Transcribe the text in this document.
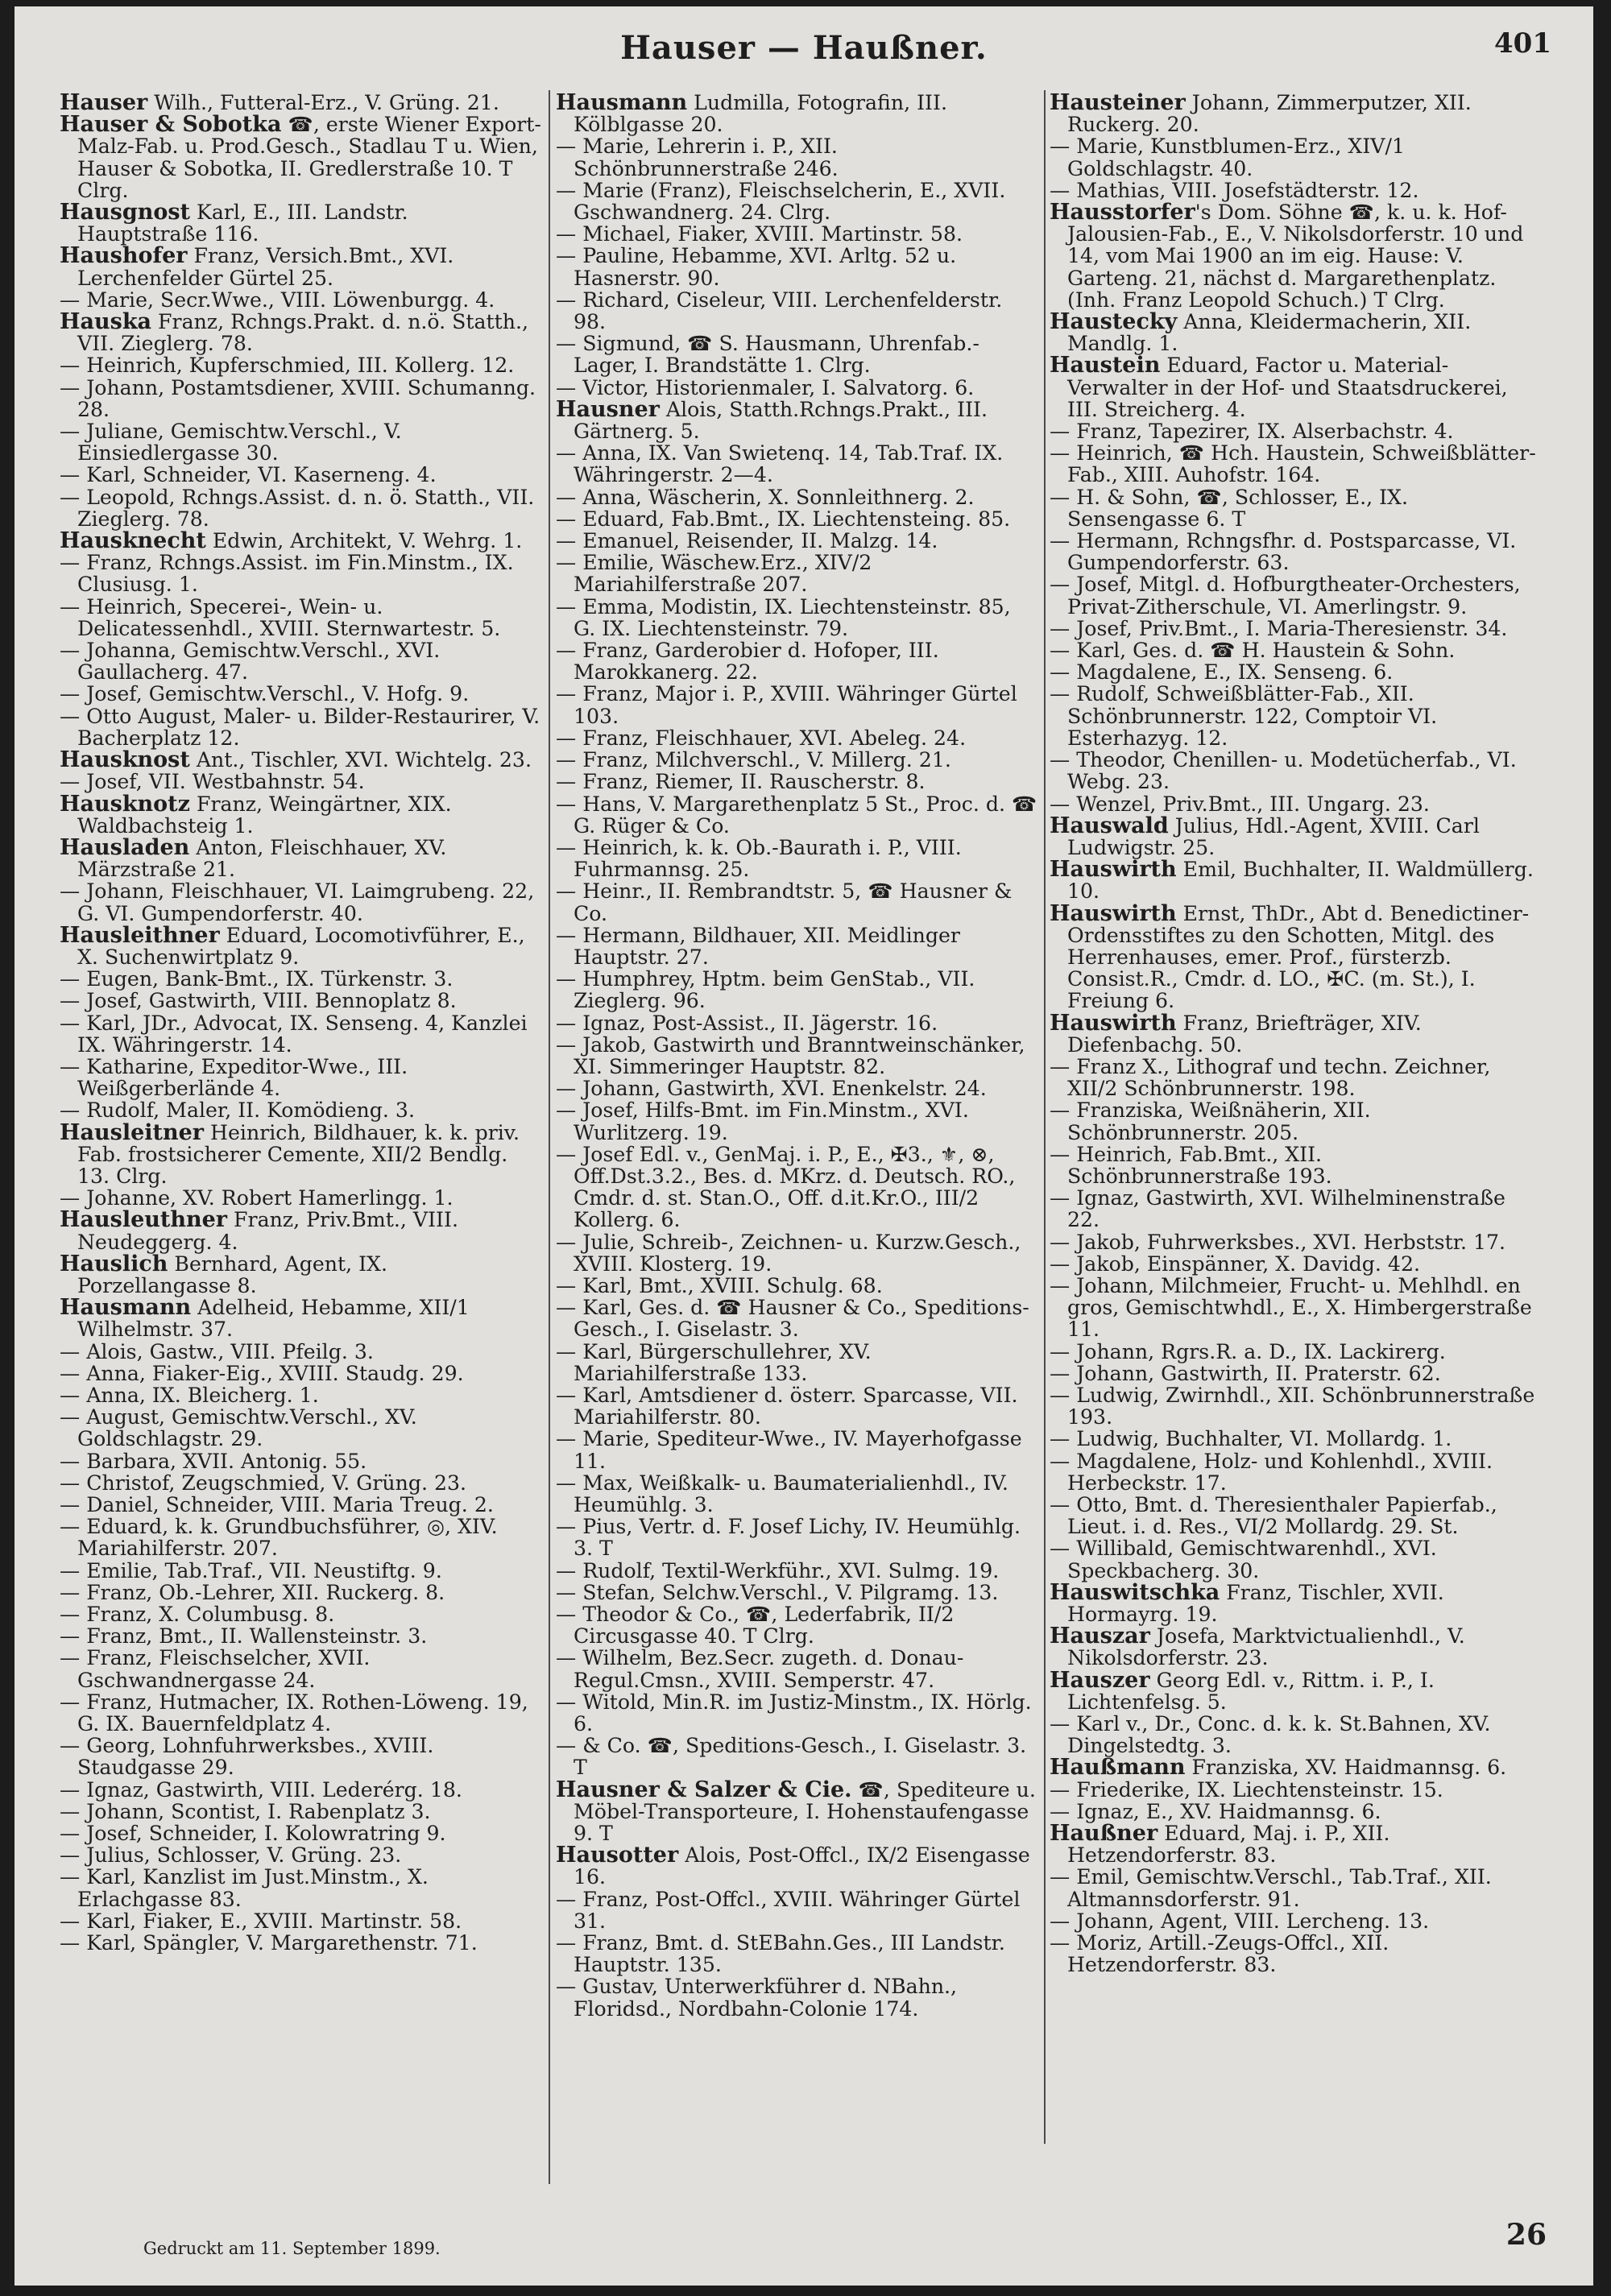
Hauser — Haußner.	401
Hauser Wilh., Futteral-Erz., V. Grüng. 21.
Hauser & Sobotka ☎, erste Wiener Export-Malz-Fab. u. Prod.Gesch., Stadlau T u. Wien, Hauser & Sobotka, II. Gredlerstraße 10. T Clrg.
Hausgnost Karl, E., III. Landstr. Hauptstraße 116.
Haushofer Franz, Versich.Bmt., XVI. Lerchenfelder Gürtel 25.
— Marie, Secr.Wwe., VIII. Löwenburgg. 4.
Hauska Franz, Rchngs.Prakt. d. n.ö. Statth., VII. Zieglerg. 78.
— Heinrich, Kupferschmied, III. Kollerg. 12.
— Johann, Postamtsdiener, XVIII. Schumanng. 28.
— Juliane, Gemischtw.Verschl., V. Einsiedlergasse 30.
— Karl, Schneider, VI. Kaserneng. 4.
— Leopold, Rchngs.Assist. d. n. ö. Statth., VII. Zieglerg. 78.
Hausknecht Edwin, Architekt, V. Wehrg. 1.
— Franz, Rchngs.Assist. im Fin.Minstm., IX. Clusiusg. 1.
— Heinrich, Specerei-, Wein- u. Delicatessenhdl., XVIII. Sternwartestr. 5.
— Johanna, Gemischtw.Verschl., XVI. Gaullacherg. 47.
— Josef, Gemischtw.Verschl., V. Hofg. 9.
— Otto August, Maler- u. Bilder-Restaurirer, V. Bacherplatz 12.
Hausknost Ant., Tischler, XVI. Wichtelg. 23.
— Josef, VII. Westbahnstr. 54.
Hausknotz Franz, Weingärtner, XIX. Waldbachsteig 1.
Hausladen Anton, Fleischhauer, XV. Märzstraße 21.
— Johann, Fleischhauer, VI. Laimgrubeng. 22, G. VI. Gumpendorferstr. 40.
Hausleithner Eduard, Locomotivführer, E., X. Suchenwirtplatz 9.
— Eugen, Bank-Bmt., IX. Türkenstr. 3.
— Josef, Gastwirth, VIII. Bennoplatz 8.
— Karl, JDr., Advocat, IX. Senseng. 4, Kanzlei IX. Währingerstr. 14.
— Katharine, Expeditor-Wwe., III. Weißgerberlände 4.
— Rudolf, Maler, II. Komödieng. 3.
Hausleitner Heinrich, Bildhauer, k. k. priv. Fab. frostsicherer Cemente, XII/2 Bendlg. 13. Clrg.
— Johanne, XV. Robert Hamerlingg. 1.
Hausleuthner Franz, Priv.Bmt., VIII. Neudeggerg. 4.
Hauslich Bernhard, Agent, IX. Porzellangasse 8.
Hausmann Adelheid, Hebamme, XII/1 Wilhelmstr. 37.
— Alois, Gastw., VIII. Pfeilg. 3.
— Anna, Fiaker-Eig., XVIII. Staudg. 29.
— Anna, IX. Bleicherg. 1.
— August, Gemischtw.Verschl., XV. Goldschlagstr. 29.
— Barbara, XVII. Antonig. 55.
— Christof, Zeugschmied, V. Grüng. 23.
— Daniel, Schneider, VIII. Maria Treug. 2.
— Eduard, k. k. Grundbuchsführer, ◎, XIV. Mariahilferstr. 207.
— Emilie, Tab.Traf., VII. Neustiftg. 9.
— Franz, Ob.-Lehrer, XII. Ruckerg. 8.
— Franz, X. Columbusg. 8.
— Franz, Bmt., II. Wallensteinstr. 3.
— Franz, Fleischselcher, XVII. Gschwandnergasse 24.
— Franz, Hutmacher, IX. Rothen-Löweng. 19, G. IX. Bauernfeldplatz 4.
— Georg, Lohnfuhrwerksbes., XVIII. Staudgasse 29.
— Ignaz, Gastwirth, VIII. Lederérg. 18.
— Johann, Scontist, I. Rabenplatz 3.
— Josef, Schneider, I. Kolowratring 9.
— Julius, Schlosser, V. Grüng. 23.
— Karl, Kanzlist im Just.Minstm., X. Erlachgasse 83.
— Karl, Fiaker, E., XVIII. Martinstr. 58.
— Karl, Spängler, V. Margarethenstr. 71.
Hausmann Ludmilla, Fotografin, III. Kölblgasse 20.
— Marie, Lehrerin i. P., XII. Schönbrunnerstraße 246.
— Marie (Franz), Fleischselcherin, E., XVII. Gschwandnerg. 24. Clrg.
— Michael, Fiaker, XVIII. Martinstr. 58.
— Pauline, Hebamme, XVI. Arltg. 52 u. Hasnerstr. 90.
— Richard, Ciseleur, VIII. Lerchenfelderstr. 98.
— Sigmund, ☎ S. Hausmann, Uhrenfab.-Lager, I. Brandstätte 1. Clrg.
— Victor, Historienmaler, I. Salvatorg. 6.
Hausner Alois, Statth.Rchngs.Prakt., III. Gärtnerg. 5.
— Anna, IX. Van Swietenq. 14, Tab.Traf. IX. Währingerstr. 2—4.
— Anna, Wäscherin, X. Sonnleithnerg. 2.
— Eduard, Fab.Bmt., IX. Liechtensteing. 85.
— Emanuel, Reisender, II. Malzg. 14.
— Emilie, Wäschew.Erz., XIV/2 Mariahilferstraße 207.
— Emma, Modistin, IX. Liechtensteinstr. 85, G. IX. Liechtensteinstr. 79.
— Franz, Garderobier d. Hofoper, III. Marokkanerg. 22.
— Franz, Major i. P., XVIII. Währinger Gürtel 103.
— Franz, Fleischhauer, XVI. Abeleg. 24.
— Franz, Milchverschl., V. Millerg. 21.
— Franz, Riemer, II. Rauscherstr. 8.
— Hans, V. Margarethenplatz 5 St., Proc. d. ☎ G. Rüger & Co.
— Heinrich, k. k. Ob.-Baurath i. P., VIII. Fuhrmannsg. 25.
— Heinr., II. Rembrandtstr. 5, ☎ Hausner & Co.
— Hermann, Bildhauer, XII. Meidlinger Hauptstr. 27.
— Humphrey, Hptm. beim GenStab., VII. Zieglerg. 96.
— Ignaz, Post-Assist., II. Jägerstr. 16.
— Jakob, Gastwirth und Branntweinschänker, XI. Simmeringer Hauptstr. 82.
— Johann, Gastwirth, XVI. Enenkelstr. 24.
— Josef, Hilfs-Bmt. im Fin.Minstm., XVI. Wurlitzerg. 19.
— Josef Edl. v., GenMaj. i. P., E., ✠3., ⚜, ⊗, Off.Dst.3.2., Bes. d. MKrz. d. Deutsch. RO., Cmdr. d. st. Stan.O., Off. d.it.Kr.O., III/2 Kollerg. 6.
— Julie, Schreib-, Zeichnen- u. Kurzw.Gesch., XVIII. Klosterg. 19.
— Karl, Bmt., XVIII. Schulg. 68.
— Karl, Ges. d. ☎ Hausner & Co., Speditions-Gesch., I. Giselastr. 3.
— Karl, Bürgerschullehrer, XV. Mariahilferstraße 133.
— Karl, Amtsdiener d. österr. Sparcasse, VII. Mariahilferstr. 80.
— Marie, Spediteur-Wwe., IV. Mayerhofgasse 11.
— Max, Weißkalk- u. Baumaterialienhdl., IV. Heumühlg. 3.
— Pius, Vertr. d. F. Josef Lichy, IV. Heumühlg. 3. T
— Rudolf, Textil-Werkführ., XVI. Sulmg. 19.
— Stefan, Selchw.Verschl., V. Pilgramg. 13.
— Theodor & Co., ☎, Lederfabrik, II/2 Circusgasse 40. T Clrg.
— Wilhelm, Bez.Secr. zugeth. d. Donau-Regul.Cmsn., XVIII. Semperstr. 47.
— Witold, Min.R. im Justiz-Minstm., IX. Hörlg. 6.
— & Co. ☎, Speditions-Gesch., I. Giselastr. 3. T
Hausner & Salzer & Cie. ☎, Spediteure u. Möbel-Transporteure, I. Hohenstaufengasse 9. T
Hausotter Alois, Post-Offcl., IX/2 Eisengasse 16.
— Franz, Post-Offcl., XVIII. Währinger Gürtel 31.
— Franz, Bmt. d. StEBahn.Ges., III Landstr. Hauptstr. 135.
— Gustav, Unterwerkführer d. NBahn., Floridsd., Nordbahn-Colonie 174.
Hausteiner Johann, Zimmerputzer, XII. Ruckerg. 20.
— Marie, Kunstblumen-Erz., XIV/1 Goldschlagstr. 40.
— Mathias, VIII. Josefstädterstr. 12.
Hausstorfer's Dom. Söhne ☎, k. u. k. Hof-Jalousien-Fab., E., V. Nikolsdorferstr. 10 und 14, vom Mai 1900 an im eig. Hause: V. Garteng. 21, nächst d. Margarethenplatz. (Inh. Franz Leopold Schuch.) T Clrg.
Haustecky Anna, Kleidermacherin, XII. Mandlg. 1.
Haustein Eduard, Factor u. Material-Verwalter in der Hof- und Staatsdruckerei, III. Streicherg. 4.
— Franz, Tapezirer, IX. Alserbachstr. 4.
— Heinrich, ☎ Hch. Haustein, Schweißblätter-Fab., XIII. Auhofstr. 164.
— H. & Sohn, ☎, Schlosser, E., IX. Sensengasse 6. T
— Hermann, Rchngsfhr. d. Postsparcasse, VI. Gumpendorferstr. 63.
— Josef, Mitgl. d. Hofburgtheater-Orchesters, Privat-Zitherschule, VI. Amerlingstr. 9.
— Josef, Priv.Bmt., I. Maria-Theresienstr. 34.
— Karl, Ges. d. ☎ H. Haustein & Sohn.
— Magdalene, E., IX. Senseng. 6.
— Rudolf, Schweißblätter-Fab., XII. Schönbrunnerstr. 122, Comptoir VI. Esterhazyg. 12.
— Theodor, Chenillen- u. Modetücherfab., VI. Webg. 23.
— Wenzel, Priv.Bmt., III. Ungarg. 23.
Hauswald Julius, Hdl.-Agent, XVIII. Carl Ludwigstr. 25.
Hauswirth Emil, Buchhalter, II. Waldmüllerg. 10.
Hauswirth Ernst, ThDr., Abt d. Benedictiner-Ordensstiftes zu den Schotten, Mitgl. des Herrenhauses, emer. Prof., fürsterzb. Consist.R., Cmdr. d. LO., ✠C. (m. St.), I. Freiung 6.
Hauswirth Franz, Briefträger, XIV. Diefenbachg. 50.
— Franz X., Lithograf und techn. Zeichner, XII/2 Schönbrunnerstr. 198.
— Franziska, Weißnäherin, XII. Schönbrunnerstr. 205.
— Heinrich, Fab.Bmt., XII. Schönbrunnerstraße 193.
— Ignaz, Gastwirth, XVI. Wilhelminenstraße 22.
— Jakob, Fuhrwerksbes., XVI. Herbststr. 17.
— Jakob, Einspänner, X. Davidg. 42.
— Johann, Milchmeier, Frucht- u. Mehlhdl. en gros, Gemischtwhdl., E., X. Himbergerstraße 11.
— Johann, Rgrs.R. a. D., IX. Lackirerg.
— Johann, Gastwirth, II. Praterstr. 62.
— Ludwig, Zwirnhdl., XII. Schönbrunnerstraße 193.
— Ludwig, Buchhalter, VI. Mollardg. 1.
— Magdalene, Holz- und Kohlenhdl., XVIII. Herbeckstr. 17.
— Otto, Bmt. d. Theresienthaler Papierfab., Lieut. i. d. Res., VI/2 Mollardg. 29. St.
— Willibald, Gemischtwarenhdl., XVI. Speckbacherg. 30.
Hauswitschka Franz, Tischler, XVII. Hormayrg. 19.
Hauszar Josefa, Marktvictualienhdl., V. Nikolsdorferstr. 23.
Hauszer Georg Edl. v., Rittm. i. P., I. Lichtenfelsg. 5.
— Karl v., Dr., Conc. d. k. k. St.Bahnen, XV. Dingelstedtg. 3.
Haußmann Franziska, XV. Haidmannsg. 6.
— Friederike, IX. Liechtensteinstr. 15.
— Ignaz, E., XV. Haidmannsg. 6.
Haußner Eduard, Maj. i. P., XII. Hetzendorferstr. 83.
— Emil, Gemischtw.Verschl., Tab.Traf., XII. Altmannsdorferstr. 91.
— Johann, Agent, VIII. Lercheng. 13.
— Moriz, Artill.-Zeugs-Offcl., XII. Hetzendorferstr. 83.
Gedruckt am 11. September 1899.	26
